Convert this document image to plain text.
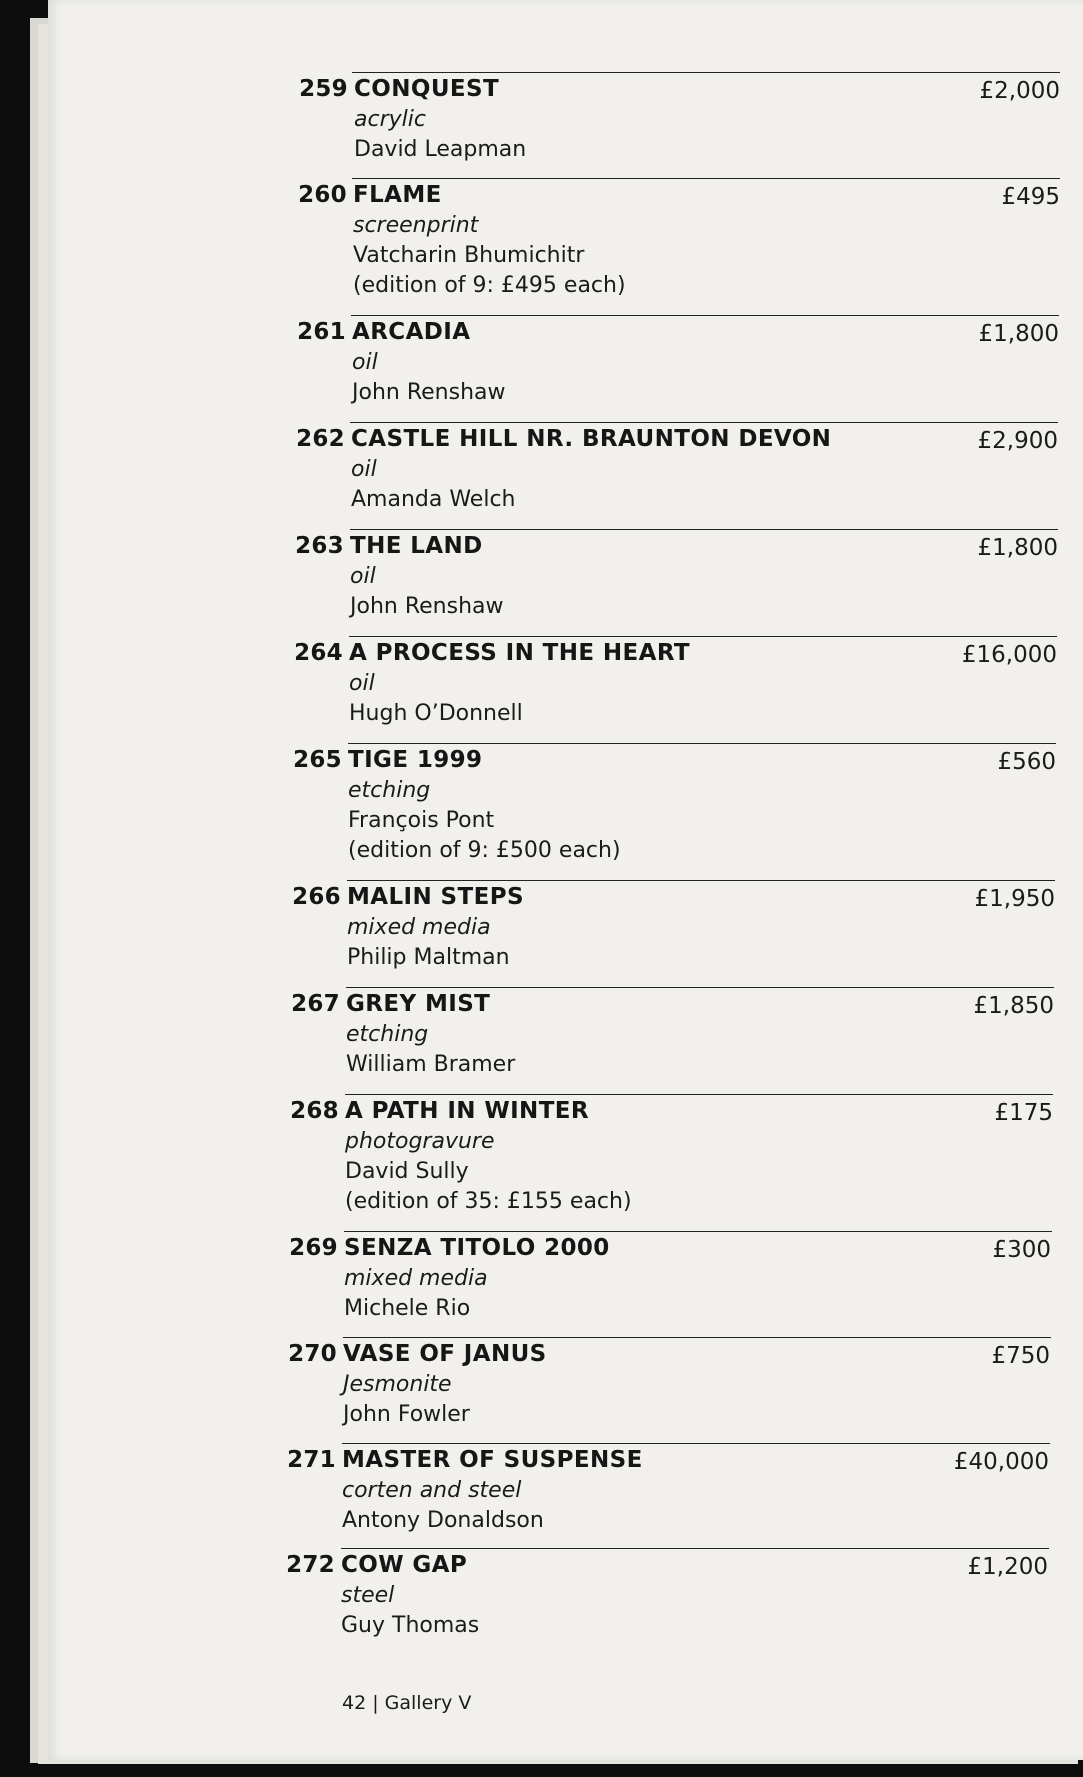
259 CONQUEST
acrylic
David Leapman
£2,000
260 FLAME
screenprint
Vatcharin Bhumichitr
(edition of 9: £495 each)
£495
261 ARCADIA
oil
John Renshaw
£1,800
262 CASTLE HILL NR. BRAUNTON DEVON
oil
Amanda Welch
£2,900
263 THE LAND
oil
John Renshaw
£1,800
264 A PROCESS IN THE HEART
oil
Hugh O’Donnell
£16,000
265 TIGE 1999
etching
François Pont
(edition of 9: £500 each)
£560
266 MALIN STEPS
mixed media
Philip Maltman
£1,950
267 GREY MIST
etching
William Bramer
£1,850
268 A PATH IN WINTER
photogravure
David Sully
(edition of 35: £155 each)
£175
269 SENZA TITOLO 2000
mixed media
Michele Rio
£300
270 VASE OF JANUS
Jesmonite
John Fowler
£750
271 MASTER OF SUSPENSE
corten and steel
Antony Donaldson
£40,000
272 COW GAP
steel
Guy Thomas
£1,200
42 | Gallery V
